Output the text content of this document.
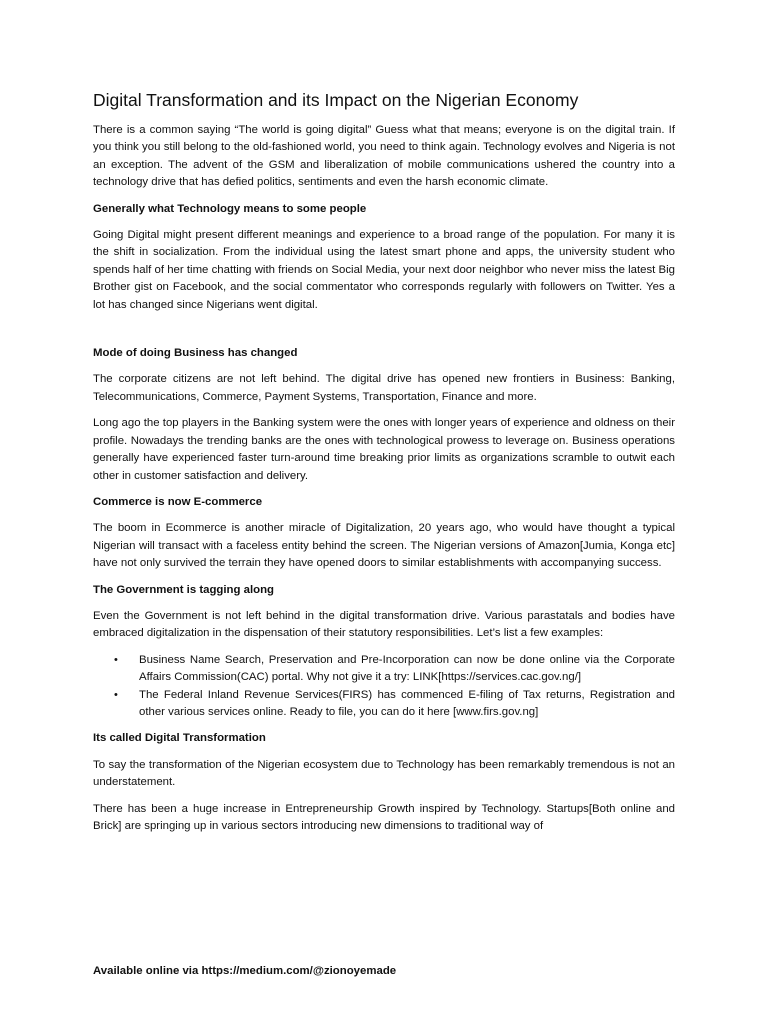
Digital Transformation and its Impact on the Nigerian Economy

There is a common saying “The world is going digital” Guess what that means; everyone is on the digital train. If you think you still belong to the old-fashioned world, you need to think again. Technology evolves and Nigeria is not an exception. The advent of the GSM and liberalization of mobile communications ushered the country into a technology drive that has defied politics, sentiments and even the harsh economic climate.

Generally what Technology means to some people

Going Digital might present different meanings and experience to a broad range of the population. For many it is the shift in socialization. From the individual using the latest smart phone and apps, the university student who spends half of her time chatting with friends on Social Media, your next door neighbor who never miss the latest Big Brother gist on Facebook, and the social commentator who corresponds regularly with followers on Twitter. Yes a lot has changed since Nigerians went digital.

Mode of doing Business has changed

The corporate citizens are not left behind. The digital drive has opened new frontiers in Business: Banking, Telecommunications, Commerce, Payment Systems, Transportation, Finance and more.

Long ago the top players in the Banking system were the ones with longer years of experience and oldness on their profile. Nowadays the trending banks are the ones with technological prowess to leverage on. Business operations generally have experienced faster turn-around time breaking prior limits as organizations scramble to outwit each other in customer satisfaction and delivery.

Commerce is now E-commerce

The boom in Ecommerce is another miracle of Digitalization, 20 years ago, who would have thought a typical Nigerian will transact with a faceless entity behind the screen. The Nigerian versions of Amazon[Jumia, Konga etc] have not only survived the terrain they have opened doors to similar establishments with accompanying success.

The Government is tagging along

Even the Government is not left behind in the digital transformation drive. Various parastatals and bodies have embraced digitalization in the dispensation of their statutory responsibilities. Let’s list a few examples:

• Business Name Search, Preservation and Pre-Incorporation can now be done online via the Corporate Affairs Commission(CAC) portal. Why not give it a try: LINK[https://services.cac.gov.ng/]
• The Federal Inland Revenue Services(FIRS) has commenced E-filing of Tax returns, Registration and other various services online. Ready to file, you can do it here [www.firs.gov.ng]
Its called Digital Transformation

To say the transformation of the Nigerian ecosystem due to Technology has been remarkably tremendous is not an understatement.

There has been a huge increase in Entrepreneurship Growth inspired by Technology. Startups[Both online and Brick] are springing up in various sectors introducing new dimensions to traditional way of

Available online via https://medium.com/@zionoyemade
